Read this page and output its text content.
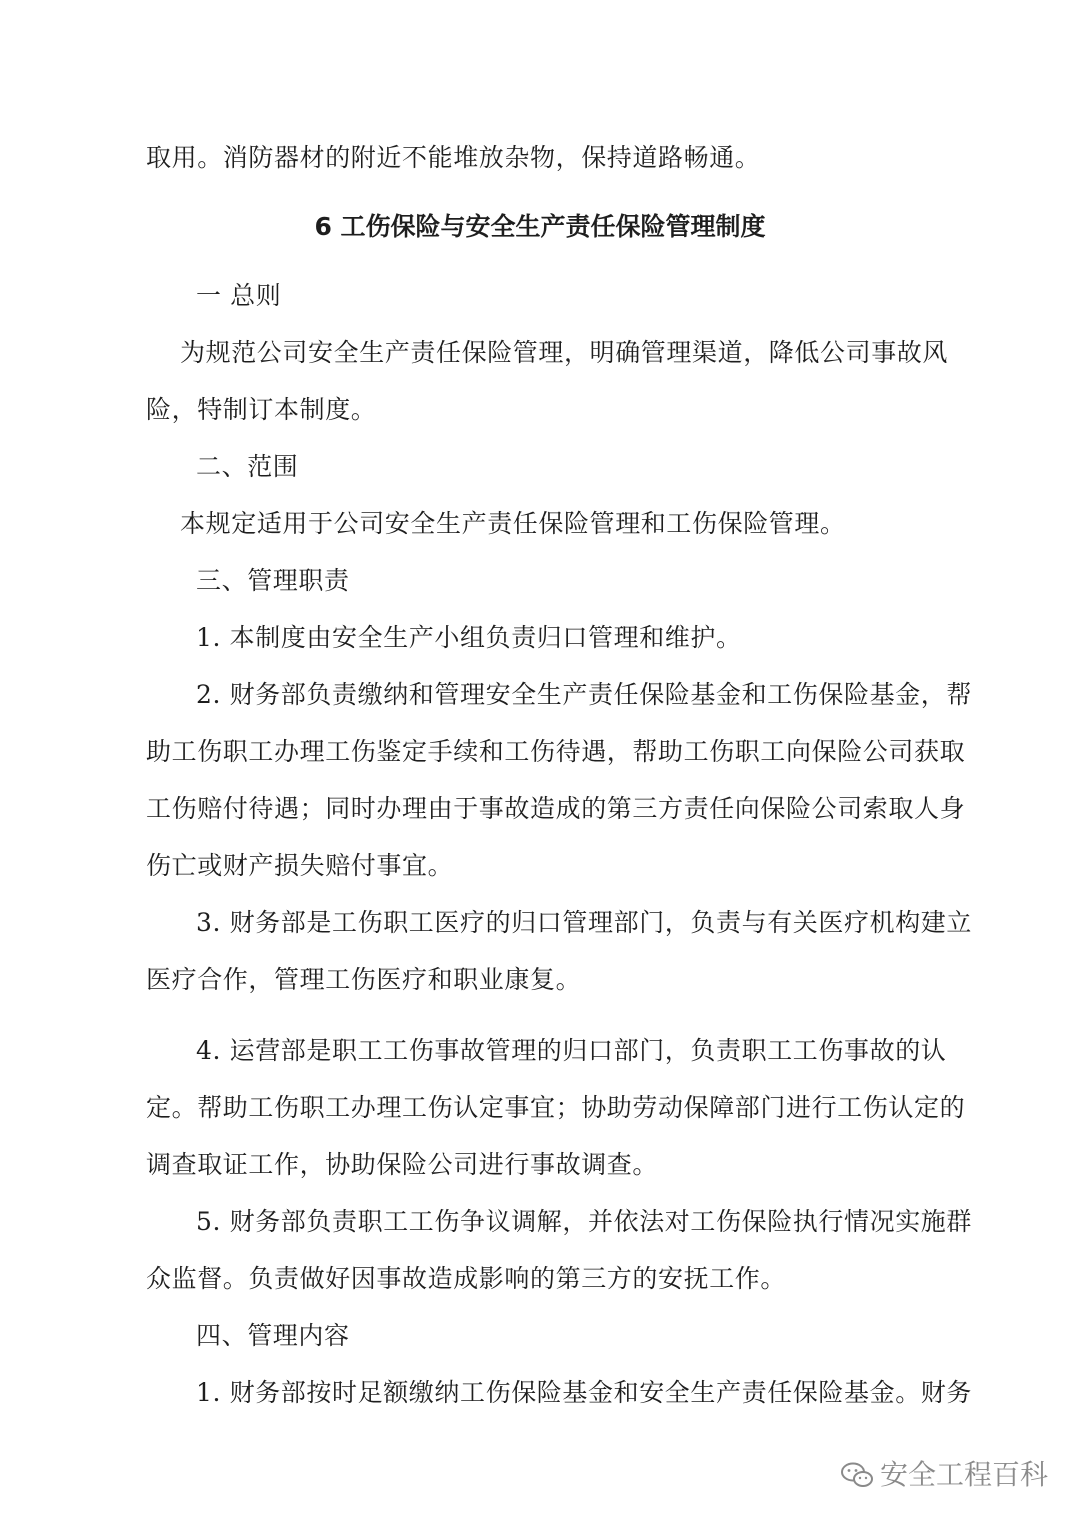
取用。消防器材的附近不能堆放杂物，保持道路畅通。
6 工伤保险与安全生产责任保险管理制度
一 总则
为规范公司安全生产责任保险管理，明确管理渠道，降低公司事故风
险，特制订本制度。
二、范围
本规定适用于公司安全生产责任保险管理和工伤保险管理。
三、管理职责
1. 本制度由安全生产小组负责归口管理和维护。
2. 财务部负责缴纳和管理安全生产责任保险基金和工伤保险基金，帮
助工伤职工办理工伤鉴定手续和工伤待遇，帮助工伤职工向保险公司获取
工伤赔付待遇；同时办理由于事故造成的第三方责任向保险公司索取人身
伤亡或财产损失赔付事宜。
3. 财务部是工伤职工医疗的归口管理部门，负责与有关医疗机构建立
医疗合作，管理工伤医疗和职业康复。
4. 运营部是职工工伤事故管理的归口部门，负责职工工伤事故的认
定。帮助工伤职工办理工伤认定事宜；协助劳动保障部门进行工伤认定的
调查取证工作，协助保险公司进行事故调查。
5. 财务部负责职工工伤争议调解，并依法对工伤保险执行情况实施群
众监督。负责做好因事故造成影响的第三方的安抚工作。
四、管理内容
1. 财务部按时足额缴纳工伤保险基金和安全生产责任保险基金。财务
安全工程百科
